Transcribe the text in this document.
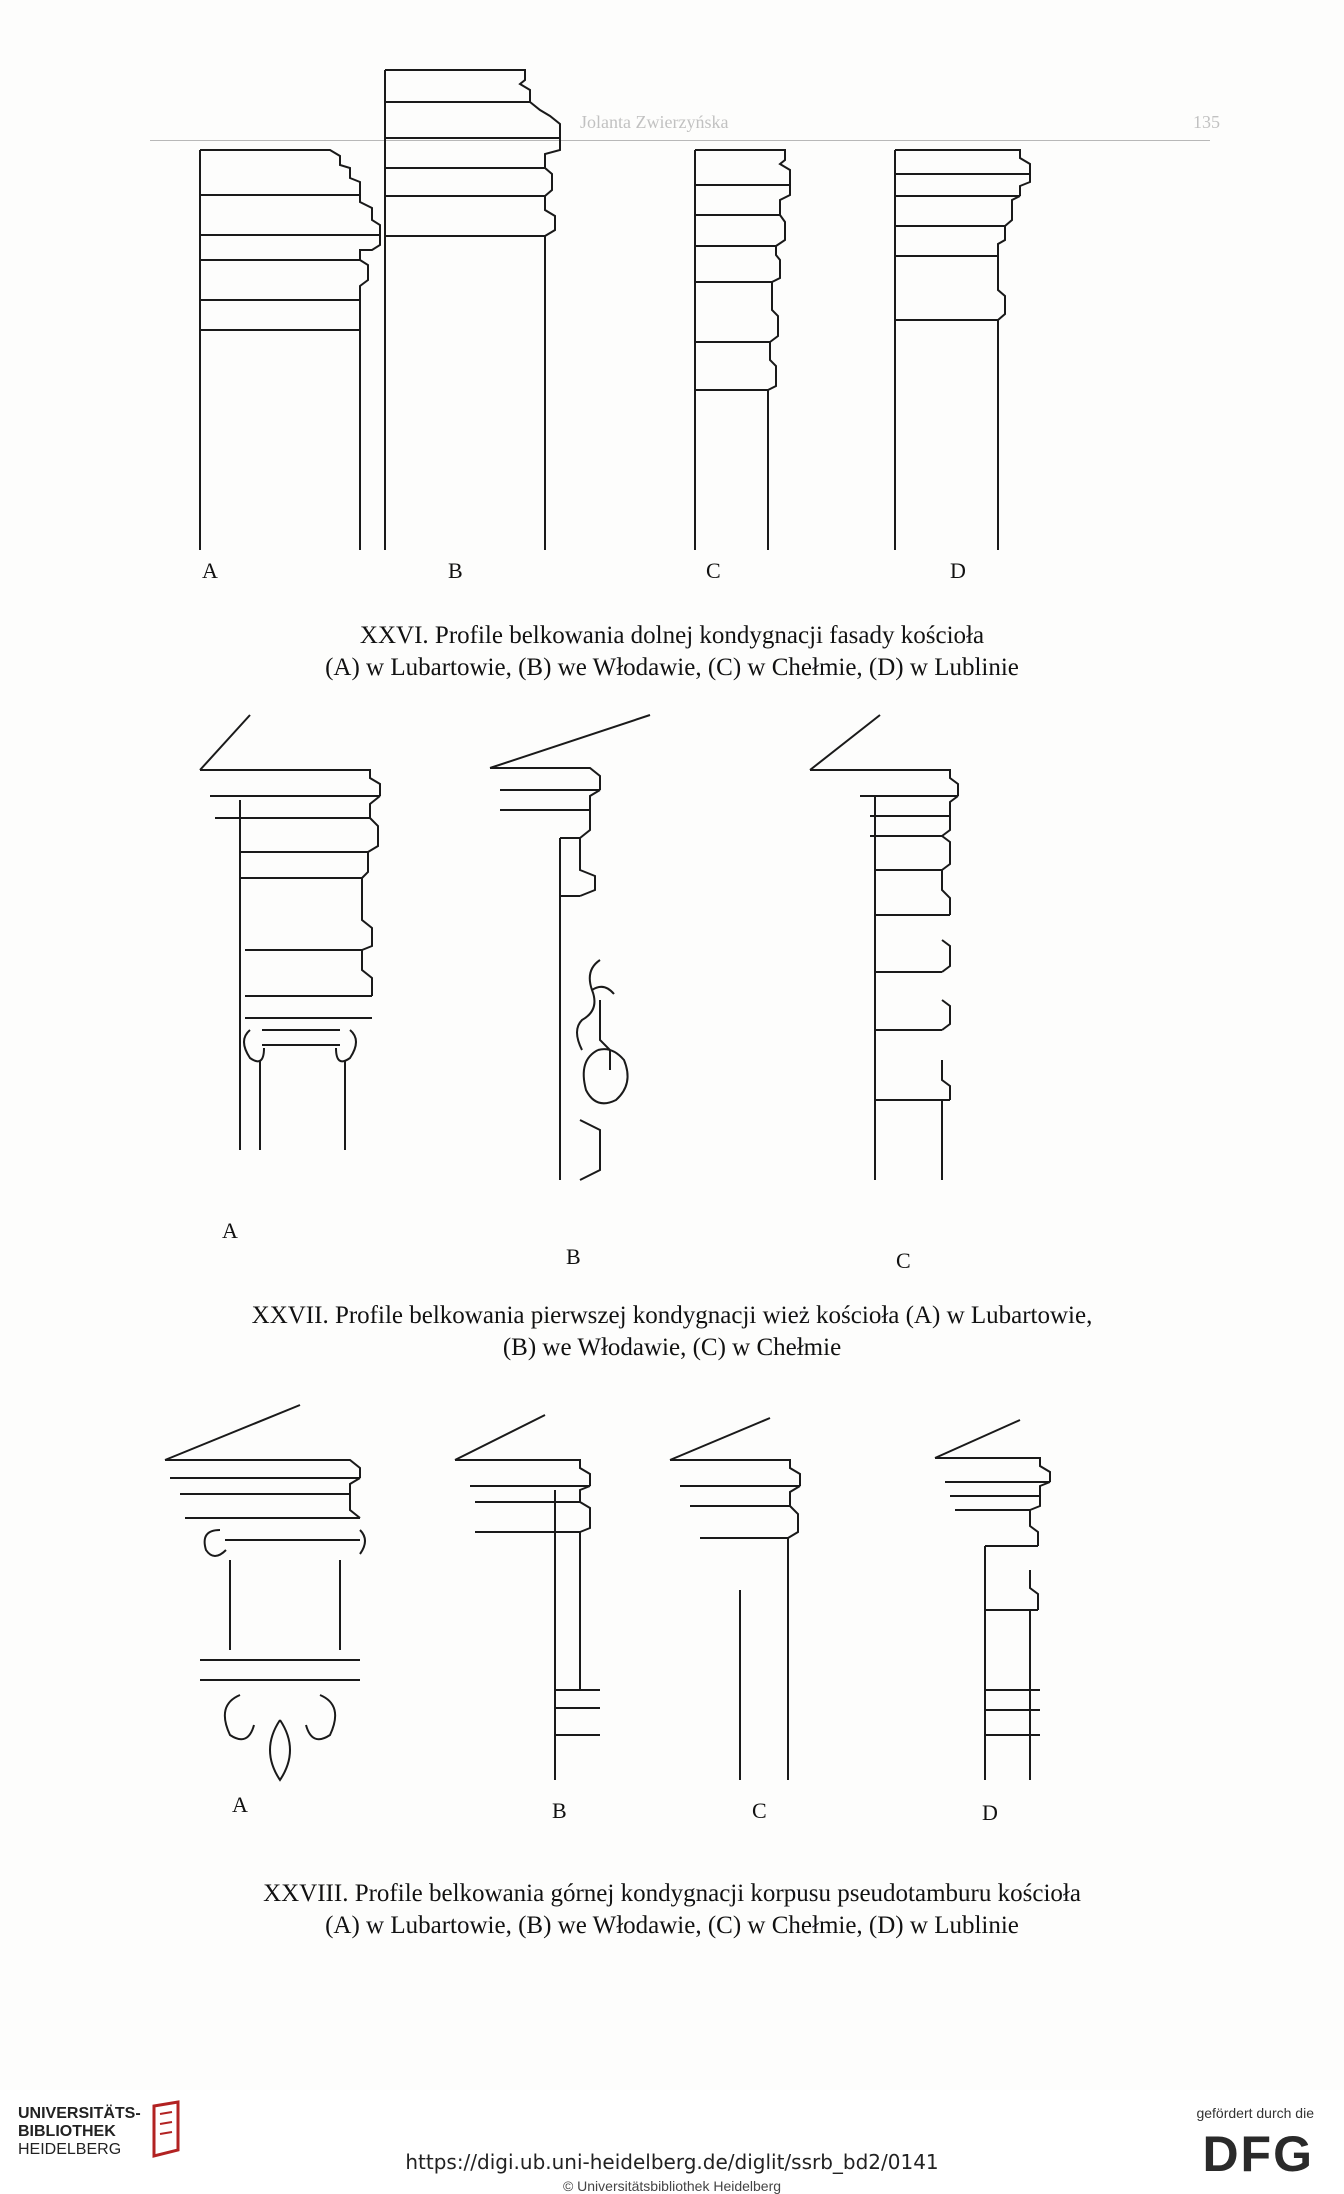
Jolanta Zwierzyńska	135
A	B	C	D
XXVI. Profile belkowania dolnej kondygnacji fasady kościoła
(A) w Lubartowie, (B) we Włodawie, (C) w Chełmie, (D) w Lublinie
A
B	C
XXVII. Profile belkowania pierwszej kondygnacji wież kościoła (A) w Lubartowie,
(B) we Włodawie, (C) w Chełmie
A	B	C	D
XXVIII. Profile belkowania górnej kondygnacji korpusu pseudotamburu kościoła
(A) w Lubartowie, (B) we Włodawie, (C) w Chełmie, (D) w Lublinie
UNIVERSITÄTS-
BIBLIOTHEK
HEIDELBERG
https://digi.ub.uni-heidelberg.de/diglit/ssrb_bd2/0141
© Universitätsbibliothek Heidelberg
gefördert durch die
DFG
